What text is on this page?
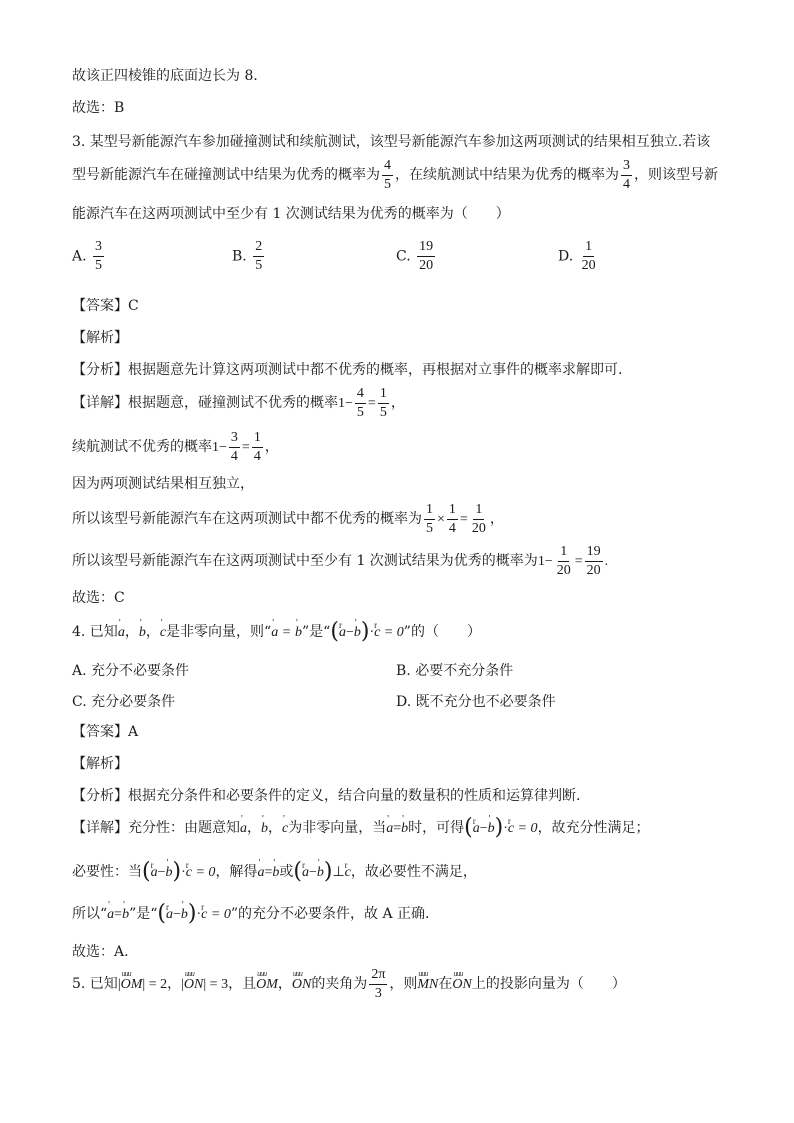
故该正四棱锥的底面边长为 8．
故选：B
3. 某型号新能源汽车参加碰撞测试和续航测试，该型号新能源汽车参加这两项测试的结果相互独立.若该
型号新能源汽车在碰撞测试中结果为优秀的概率为 $\frac{4}{5}$ ，在续航测试中结果为优秀的概率为 $\frac{3}{4}$ ，则该型号新
能源汽车在这两项测试中至少有 1 次测试结果为优秀的概率为（　　）
A. $\frac{3}{5}$	B. $\frac{2}{5}$	C. $\frac{19}{20}$	D. $\frac{1}{20}$
【答案】C
【解析】
【分析】根据题意先计算这两项测试中都不优秀的概率，再根据对立事件的概率求解即可.
【详解】根据题意，碰撞测试不优秀的概率$1- \frac{4}{5} = \frac{1}{5}$ ，
续航测试不优秀的概率$1- \frac{3}{4} = \frac{1}{4}$ ，
因为两项测试结果相互独立，
所以该型号新能源汽车在这两项测试中都不优秀的概率为 $\frac{1}{5} \times \frac{1}{4} = \frac{1}{20}$ ，
所以该型号新能源汽车在这两项测试中至少有 1 次测试结果为优秀的概率为$1- \frac{1}{20} = \frac{19}{20}$ .
故选：C
4. 已知' a，' b，' c是非零向量，则“' a = ' b”是“(r a−' b)·r c = 0”的（　　）
A. 充分不必要条件	B. 必要不充分条件
C. 充分必要条件	D. 既不充分也不必要条件
【答案】A
【解析】
【分析】根据充分条件和必要条件的定义，结合向量的数量积的性质和运算律判断.
【详解】充分性：由题意知' a，' b，' c为非零向量，当' a=' b时，可得(r a−' b)·r c = 0，故充分性满足；
必要性：当(r a−' b)·r c = 0，解得' a=' b或(r a−' b)⊥r c，故必要性不满足，
所以“' a=' b”是“(r a−' b)·r c = 0”的充分不必要条件，故 A 正确.
故选：A.
5. 已知|uuu OM| = 2，|uuu ON| = 3，且uuu OM，uuu ON的夹角为 $\frac{2\pi}{3}$ ，则uuu MN在uuu ON上的投影向量为（　　）
